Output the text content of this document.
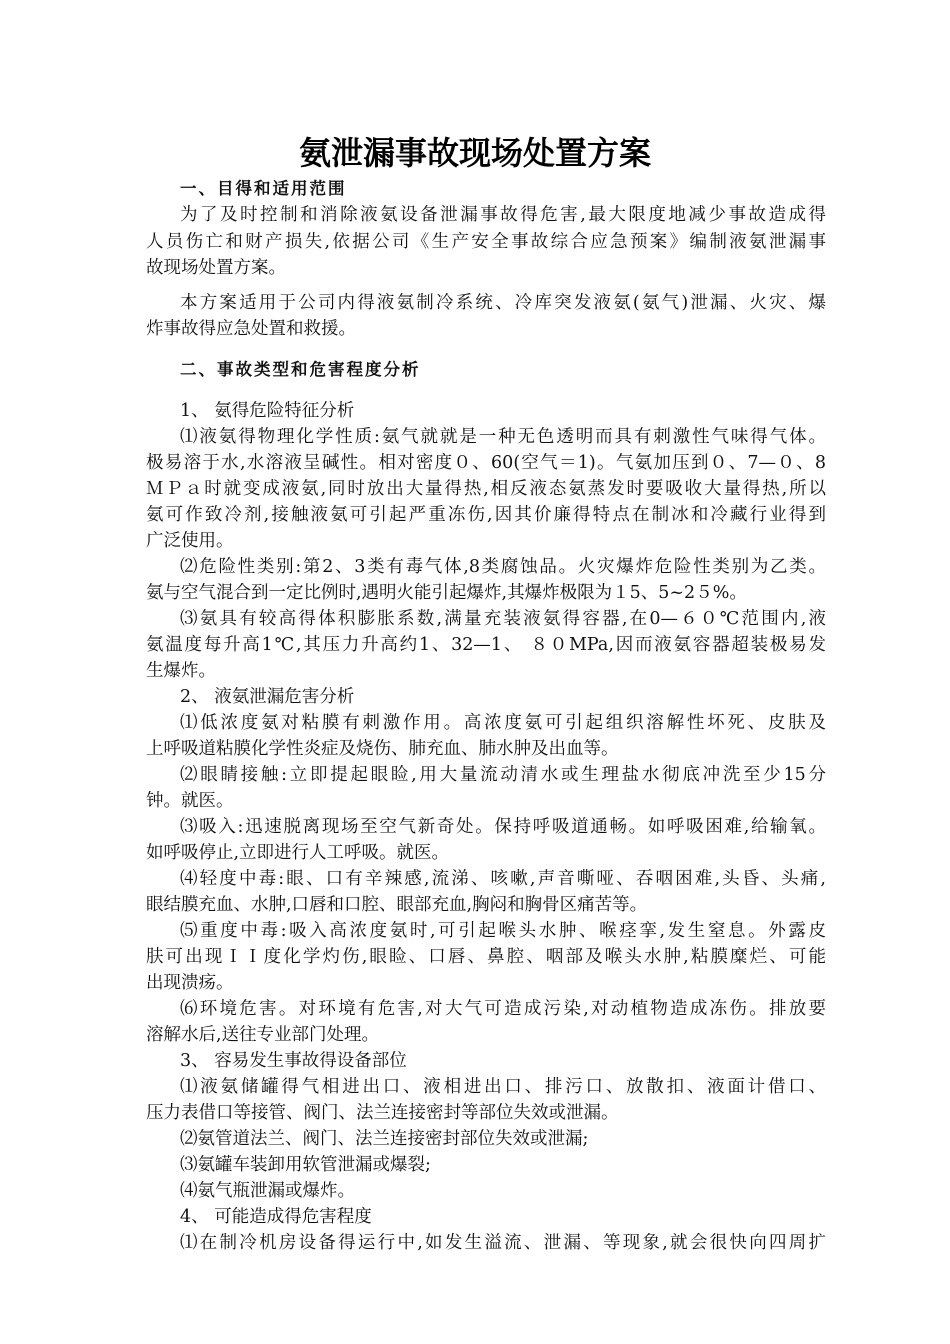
氨泄漏事故现场处置方案

一、目得和适用范围

为了及时控制和消除液氨设备泄漏事故得危害,最大限度地减少事故造成得

人员伤亡和财产损失,依据公司《生产安全事故综合应急预案》编制液氨泄漏事

故现场处置方案。

本方案适用于公司内得液氨制冷系统、冷库突发液氨(氨气)泄漏、火灾、爆

炸事故得应急处置和救援。

二、事故类型和危害程度分析

1、 氨得危险特征分析

⑴液氨得物理化学性质:氨气就就是一种无色透明而具有刺激性气味得气体。

极易溶于水,水溶液呈碱性。相对密度０、60(空气＝1)。气氨加压到０、7—０、8

ＭＰａ时就变成液氨,同时放出大量得热,相反液态氨蒸发时要吸收大量得热,所以

氨可作致冷剂,接触液氨可引起严重冻伤,因其价廉得特点在制冰和冷藏行业得到

广泛使用。

⑵危险性类别:第2、3类有毒气体,8类腐蚀品。火灾爆炸危险性类别为乙类。

氨与空气混合到一定比例时,遇明火能引起爆炸,其爆炸极限为１5、5~2５%。

⑶氨具有较高得体积膨胀系数,满量充装液氨得容器,在0—６０℃范围内,液

氨温度每升高1℃,其压力升高约1、32—1、 ８０MPa,因而液氨容器超装极易发

生爆炸。

2、 液氨泄漏危害分析

⑴低浓度氨对粘膜有刺激作用。高浓度氨可引起组织溶解性坏死、皮肤及

上呼吸道粘膜化学性炎症及烧伤、肺充血、肺水肿及出血等。

⑵眼睛接触:立即提起眼睑,用大量流动清水或生理盐水彻底冲洗至少15分

钟。就医。

⑶吸入:迅速脱离现场至空气新奇处。保持呼吸道通畅。如呼吸困难,给输氧。

如呼吸停止,立即进行人工呼吸。就医。

⑷轻度中毒:眼、口有辛辣感,流涕、咳嗽,声音嘶哑、吞咽困难,头昏、头痛,

眼结膜充血、水肿,口唇和口腔、眼部充血,胸闷和胸骨区痛苦等。

⑸重度中毒:吸入高浓度氨时,可引起喉头水肿、喉痉挛,发生窒息。外露皮

肤可出现ＩＩ度化学灼伤,眼睑、口唇、鼻腔、咽部及喉头水肿,粘膜糜烂、可能

出现溃疡。

⑹环境危害。对环境有危害,对大气可造成污染,对动植物造成冻伤。排放要

溶解水后,送往专业部门处理。

3、 容易发生事故得设备部位

⑴液氨储罐得气相进出口、液相进出口、排污口、放散扣、液面计借口、

压力表借口等接管、阀门、法兰连接密封等部位失效或泄漏。

⑵氨管道法兰、阀门、法兰连接密封部位失效或泄漏;

⑶氨罐车装卸用软管泄漏或爆裂;

⑷氨气瓶泄漏或爆炸。

4、 可能造成得危害程度

⑴在制冷机房设备得运行中,如发生溢流、泄漏、等现象,就会很快向四周扩
